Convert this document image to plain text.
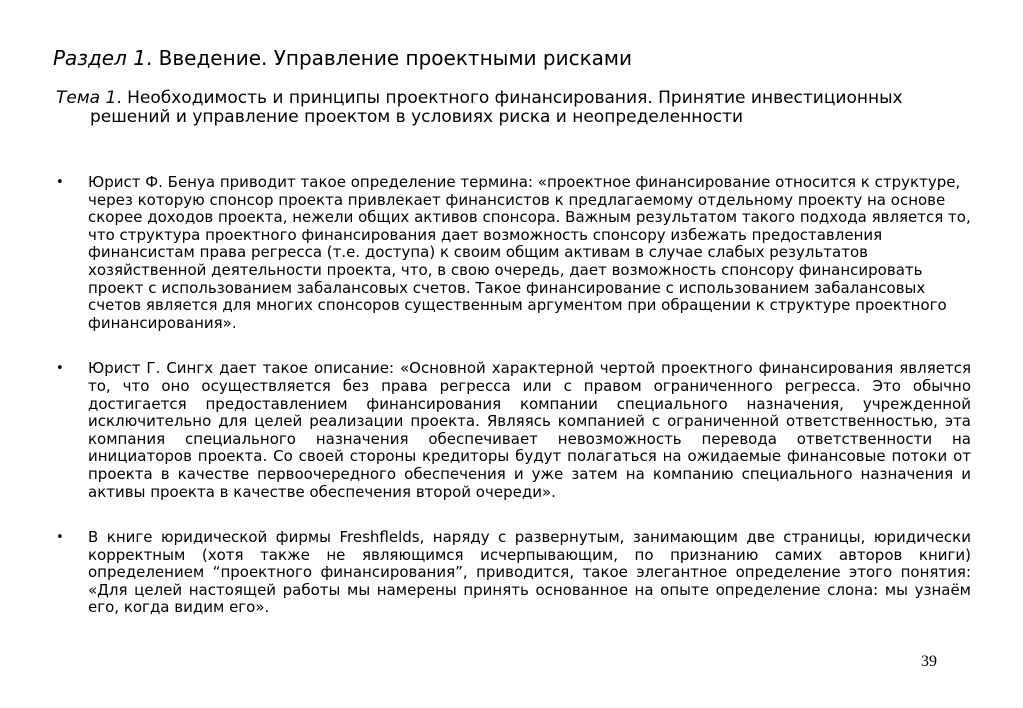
Раздел 1. Введение. Управление проектными рисками
Тема 1. Необходимость и принципы проектного финансирования. Принятие инвестиционных решений и управление проектом в условиях риска и неопределенности
• Юрист Ф. Бенуа приводит такое определение термина: «проектное финансирование относится к структуре, через которую спонсор проекта привлекает финансистов к предлагаемому отдельному проекту на основе скорее доходов проекта, нежели общих активов спонсора. Важным результатом такого подхода является то, что структура проектного финансирования дает возможность спонсору избежать предоставления финансистам права регресса (т.е. доступа) к своим общим активам в случае слабых результатов хозяйственной деятельности проекта, что, в свою очередь, дает возможность спонсору финансировать проект с использованием забалансовых счетов. Такое финансирование с использованием забалансовых счетов является для многих спонсоров существенным аргументом при обращении к структуре проектного финансирования».
• Юрист Г. Сингх дает такое описание: «Основной характерной чертой проектного финансирования является то, что оно осуществляется без права регресса или с правом ограниченного регресса. Это обычно достигается предоставлением финансирования компании специального назначения, учрежденной исключительно для целей реализации проекта. Являясь компанией с ограниченной ответственностью, эта компания специального назначения обеспечивает невозможность перевода ответственности на инициаторов проекта. Со своей стороны кредиторы будут полагаться на ожидаемые финансовые потоки от проекта в качестве первоочередного обеспечения и уже затем на компанию специального назначения и активы проекта в качестве обеспечения второй очереди».
• В книге юридической фирмы Freshflelds, наряду с развернутым, занимающим две страницы, юридически корректным (хотя также не являющимся исчерпывающим, по признанию самих авторов книги) определением “проектного финансирования”, приводится, такое элегантное определение этого понятия: «Для целей настоящей работы мы намерены принять основанное на опыте определение слона: мы узнаём его, когда видим его».
39
